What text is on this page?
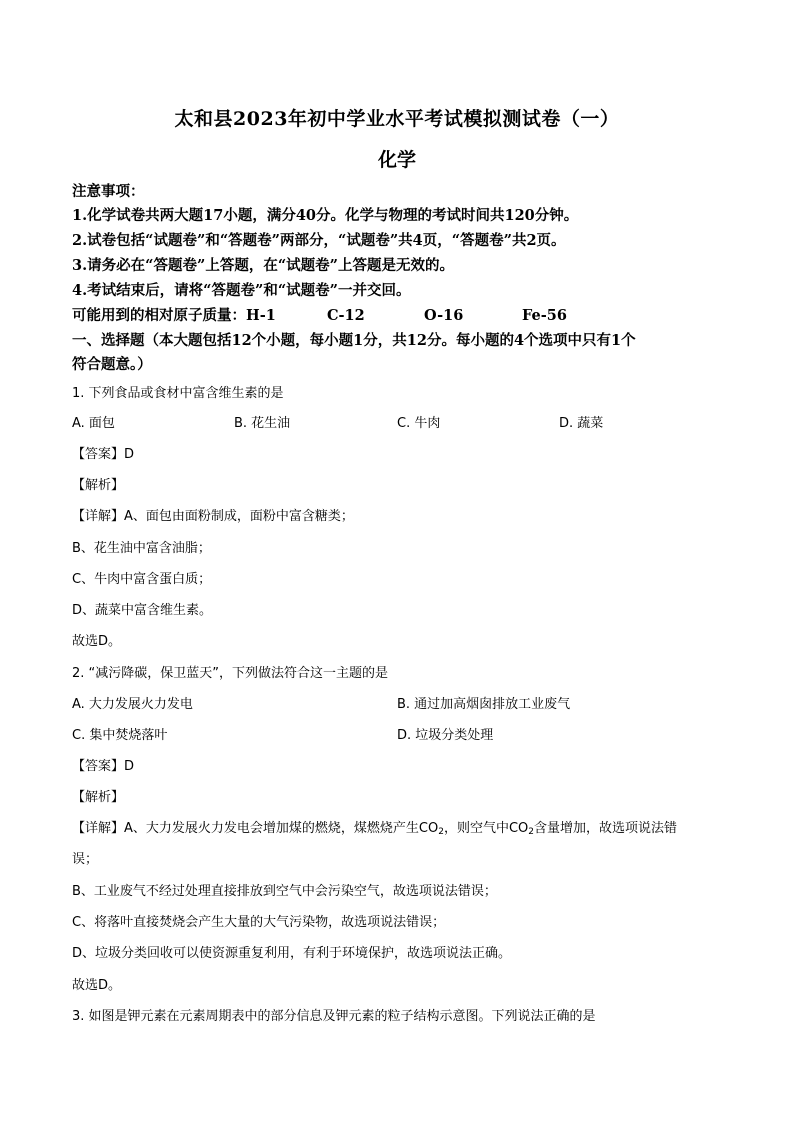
太和县2023年初中学业水平考试模拟测试卷（一）
化学
注意事项：
1.化学试卷共两大题17小题，满分40分。化学与物理的考试时间共120分钟。
2.试卷包括“试题卷”和“答题卷”两部分，“试题卷”共4页，“答题卷”共2页。
3.请务必在“答题卷”上答题，在“试题卷”上答题是无效的。
4.考试结束后，请将“答题卷”和“试题卷”一并交回。
可能用到的相对原子质量：H-1	C-12	O-16	Fe-56
一、选择题（本大题包括12个小题，每小题1分，共12分。每小题的4个选项中只有1个
符合题意。）
1. 下列食品或食材中富含维生素的是
A. 面包	B. 花生油	C. 牛肉	D. 蔬菜
【答案】D
【解析】
【详解】A、面包由面粉制成，面粉中富含糖类；
B、花生油中富含油脂；
C、牛肉中富含蛋白质；
D、蔬菜中富含维生素。
故选D。
2. “减污降碳，保卫蓝天”，下列做法符合这一主题的是
A. 大力发展火力发电	B. 通过加高烟囱排放工业废气
C. 集中焚烧落叶	D. 垃圾分类处理
【答案】D
【解析】
【详解】A、大力发展火力发电会增加煤的燃烧，煤燃烧产生$CO_2$，则空气中$CO_2$含量增加，故选项说法错
误；
B、工业废气不经过处理直接排放到空气中会污染空气，故选项说法错误；
C、将落叶直接焚烧会产生大量的大气污染物，故选项说法错误；
D、垃圾分类回收可以使资源重复利用，有利于环境保护，故选项说法正确。
故选D。
3. 如图是钾元素在元素周期表中的部分信息及钾元素的粒子结构示意图。下列说法正确的是
